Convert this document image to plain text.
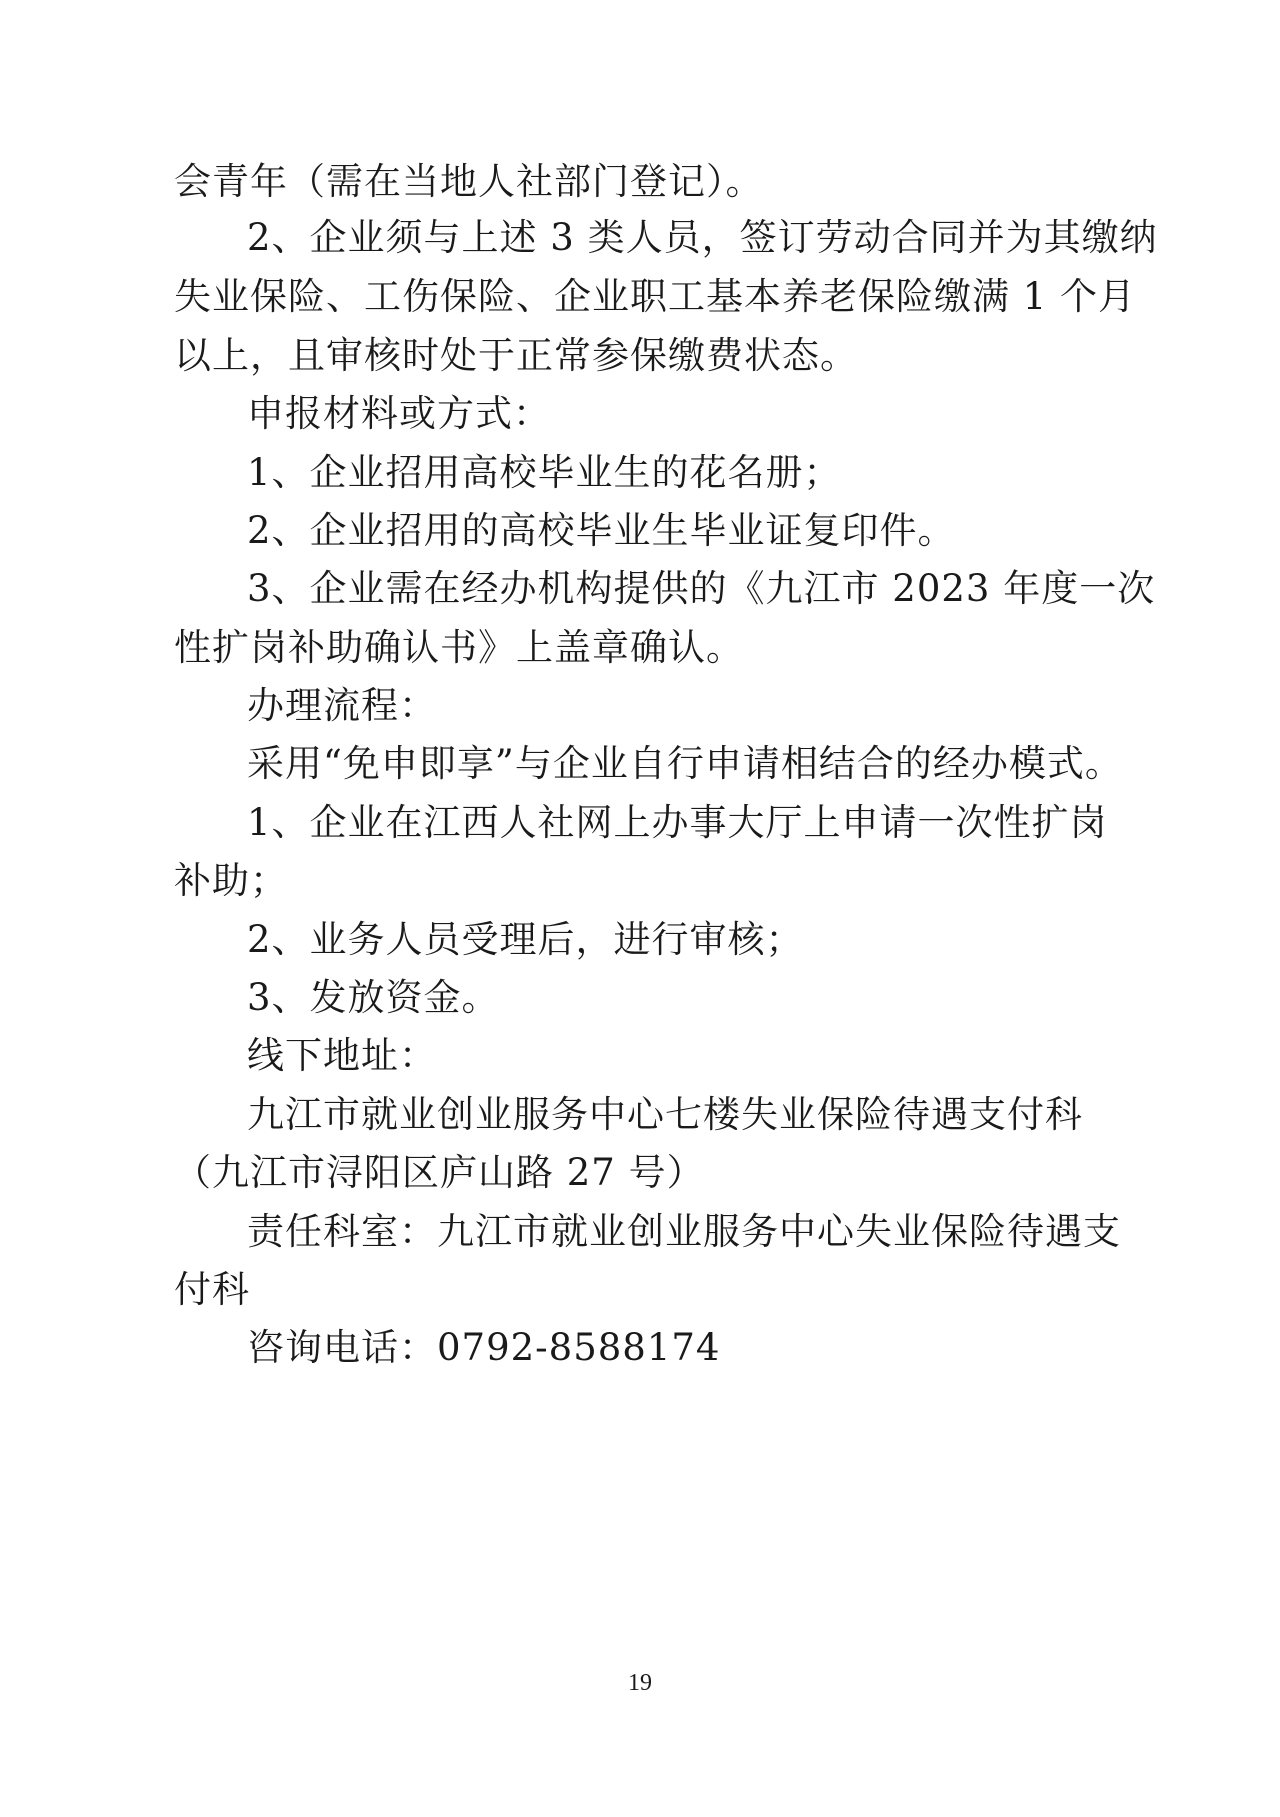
会青年（需在当地人社部门登记）。
2、企业须与上述 3 类人员，签订劳动合同并为其缴纳
失业保险、工伤保险、企业职工基本养老保险缴满 1 个月
以上，且审核时处于正常参保缴费状态。
申报材料或方式：
1、企业招用高校毕业生的花名册；
2、企业招用的高校毕业生毕业证复印件。
3、企业需在经办机构提供的《九江市 2023 年度一次
性扩岗补助确认书》上盖章确认。
办理流程：
采用“免申即享”与企业自行申请相结合的经办模式。
1、企业在江西人社网上办事大厅上申请一次性扩岗
补助；
2、业务人员受理后，进行审核；
3、发放资金。
线下地址：
九江市就业创业服务中心七楼失业保险待遇支付科
（九江市浔阳区庐山路 27 号）
责任科室：九江市就业创业服务中心失业保险待遇支
付科
咨询电话：0792-8588174
19
